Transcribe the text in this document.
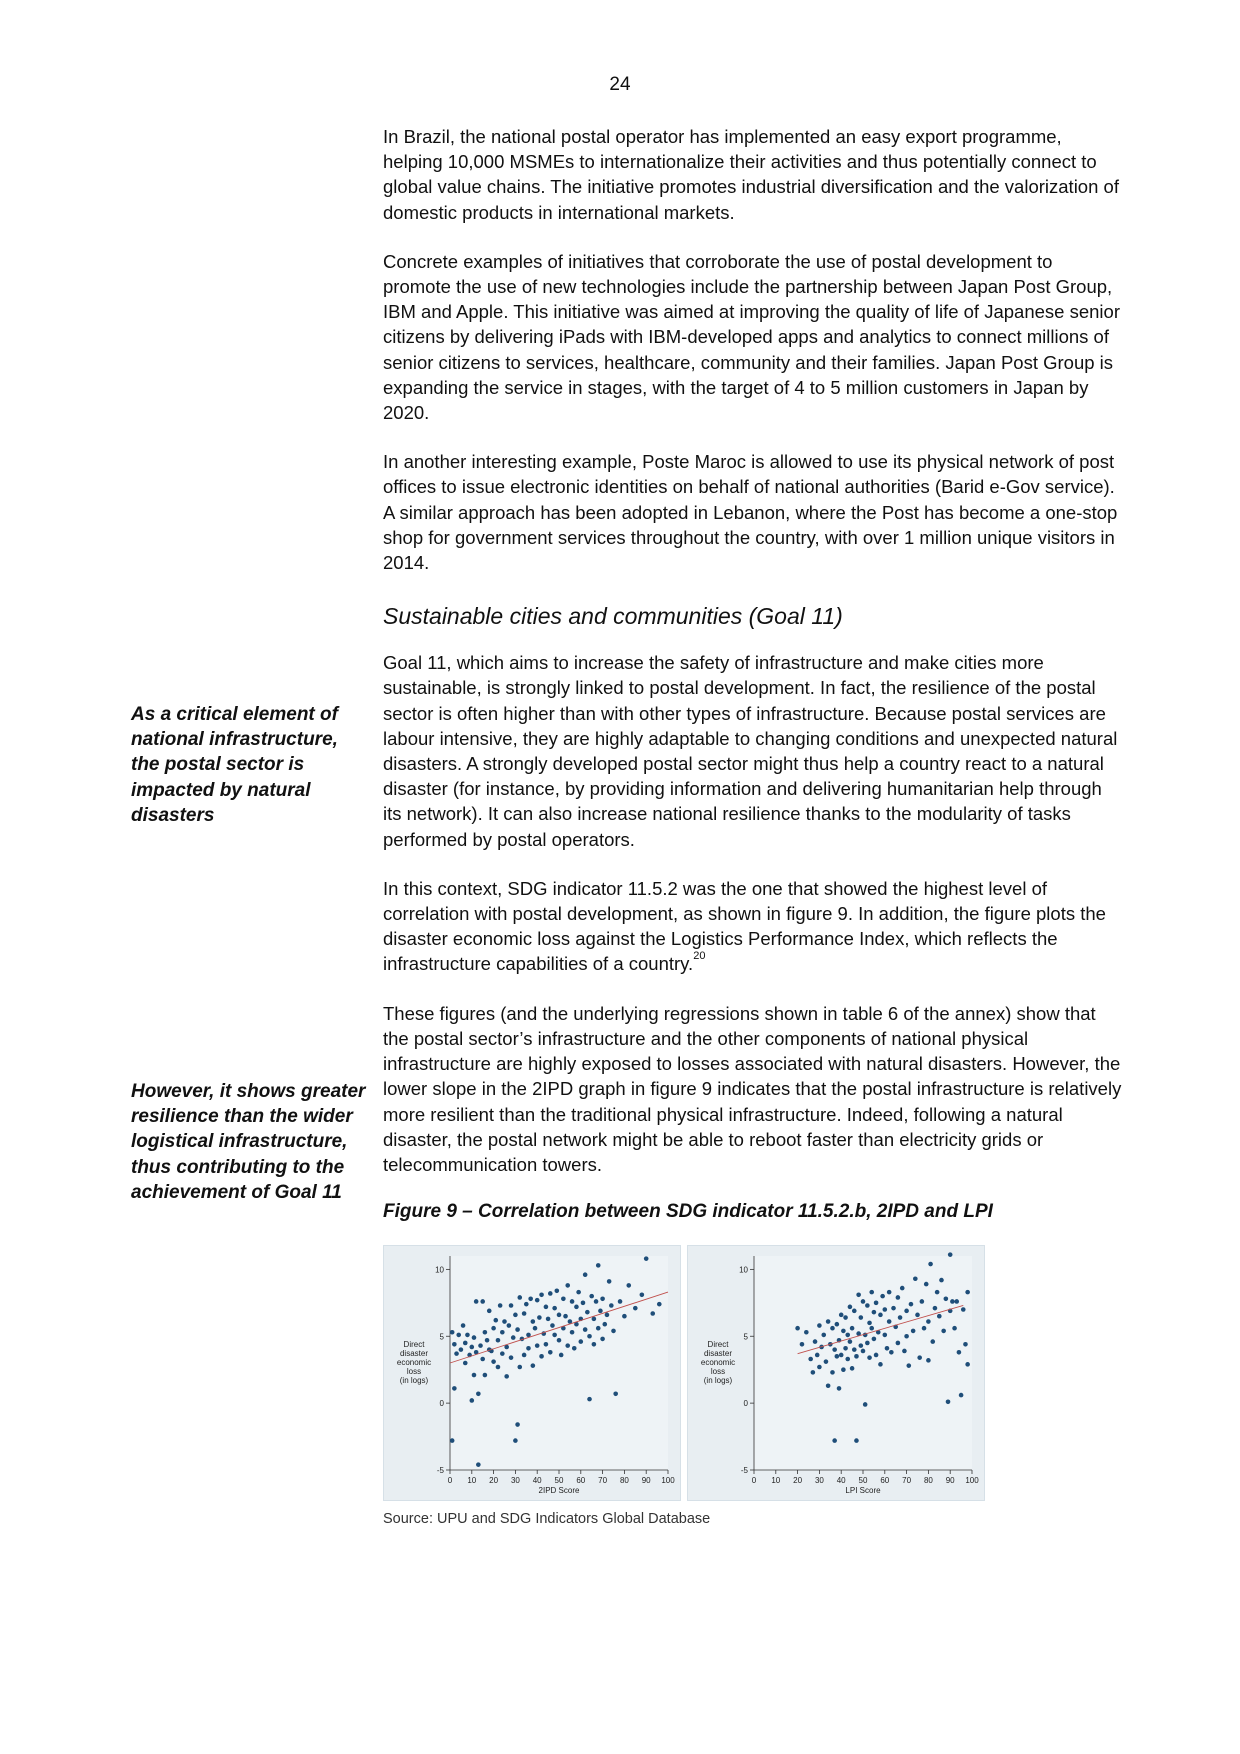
24

In Brazil, the national postal operator has implemented an easy export programme, helping 10,000 MSMEs to internationalize their activities and thus potentially connect to global value chains. The initiative promotes industrial diversification and the valorization of domestic products in international markets.

Concrete examples of initiatives that corroborate the use of postal development to promote the use of new technologies include the partnership between Japan Post Group, IBM and Apple. This initiative was aimed at improving the quality of life of Japanese senior citizens by delivering iPads with IBM-developed apps and analytics to connect millions of senior citizens to services, healthcare, community and their families. Japan Post Group is expanding the service in stages, with the target of 4 to 5 million customers in Japan by 2020.

In another interesting example, Poste Maroc is allowed to use its physical network of post offices to issue electronic identities on behalf of national authorities (Barid e-Gov service). A similar approach has been adopted in Lebanon, where the Post has become a one-stop shop for government services throughout the country, with over 1 million unique visitors in 2014.

Sustainable cities and communities (Goal 11)

Goal 11, which aims to increase the safety of infrastructure and make cities more sustainable, is strongly linked to postal development. In fact, the resilience of the postal sector is often higher than with other types of infrastructure. Because postal services are labour intensive, they are highly adaptable to changing conditions and unexpected natural disasters. A strongly developed postal sector might thus help a country react to a natural disaster (for instance, by providing information and delivering humanitarian help through its network). It can also increase national resilience thanks to the modularity of tasks performed by postal operators.

In this context, SDG indicator 11.5.2 was the one that showed the highest level of correlation with postal development, as shown in figure 9. In addition, the figure plots the disaster economic loss against the Logistics Performance Index, which reflects the infrastructure capabilities of a country.$^{20}$

These figures (and the underlying regressions shown in table 6 of the annex) show that the postal sector’s infrastructure and the other components of national physical infrastructure are highly exposed to losses associated with natural disasters. However, the lower slope in the 2IPD graph in figure 9 indicates that the postal infrastructure is relatively more resilient than the traditional physical infrastructure. Indeed, following a natural disaster, the postal network might be able to reboot faster than electricity grids or telecommunication towers.

Figure 9 – Correlation between SDG indicator 11.5.2.b, 2IPD and LPI
-5
0
5
10
0 10 20 30 40 50 60 70 80 90 100
2IPD Score
Direct disaster economic loss (in logs)
-5
0
5
10
0 10 20 30 40 50 60 70 80 90 100
LPI Score
Direct disaster economic loss (in logs)
Source: UPU and SDG Indicators Global Database

As a critical element of national infrastructure, the postal sector is impacted by natural disasters

However, it shows greater resilience than the wider logistical infrastructure, thus contributing to the achievement of Goal 11
